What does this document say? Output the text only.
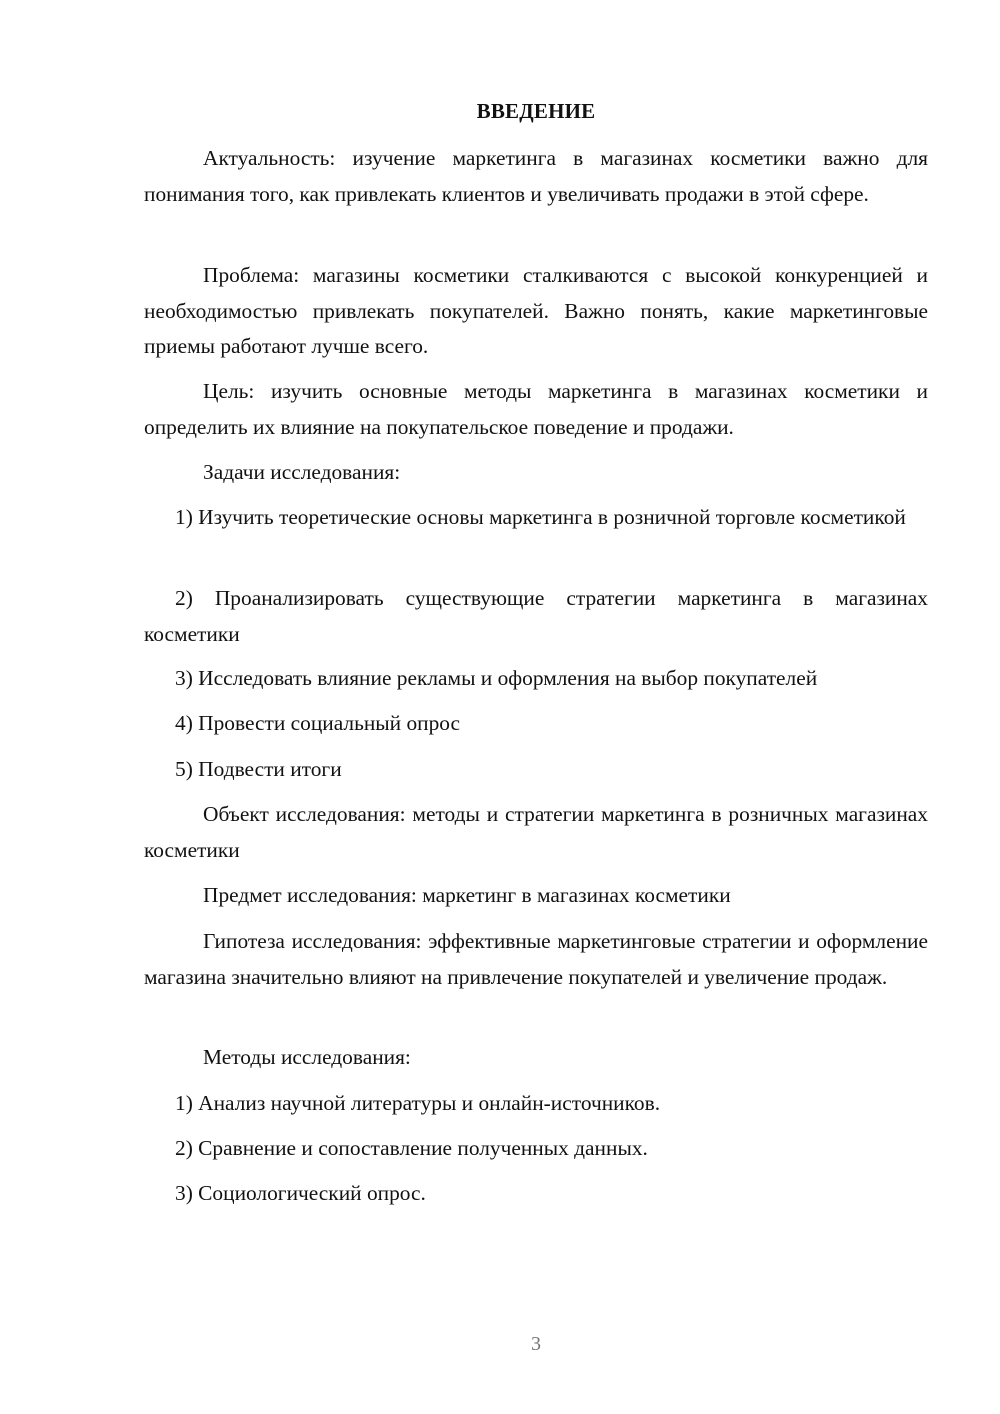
ВВЕДЕНИЕ

Актуальность: изучение маркетинга в магазинах косметики важно для понимания того, как привлекать клиентов и увеличивать продажи в этой сфере.

Проблема: магазины косметики сталкиваются с высокой конкуренцией и необходимостью привлекать покупателей. Важно понять, какие маркетинговые приемы работают лучше всего.

Цель: изучить основные методы маркетинга в магазинах косметики и определить их влияние на покупательское поведение и продажи.

Задачи исследования:

1) Изучить теоретические основы маркетинга в розничной торговле косметикой

2) Проанализировать существующие стратегии маркетинга в магазинах косметики

3) Исследовать влияние рекламы и оформления на выбор покупателей

4) Провести социальный опрос

5) Подвести итоги

Объект исследования: методы и стратегии маркетинга в розничных магазинах косметики

Предмет исследования: маркетинг в магазинах косметики

Гипотеза исследования: эффективные маркетинговые стратегии и оформление магазина значительно влияют на привлечение покупателей и увеличение продаж.

Методы исследования:

1) Анализ научной литературы и онлайн-источников.

2) Сравнение и сопоставление полученных данных.

3) Социологический опрос.

3
